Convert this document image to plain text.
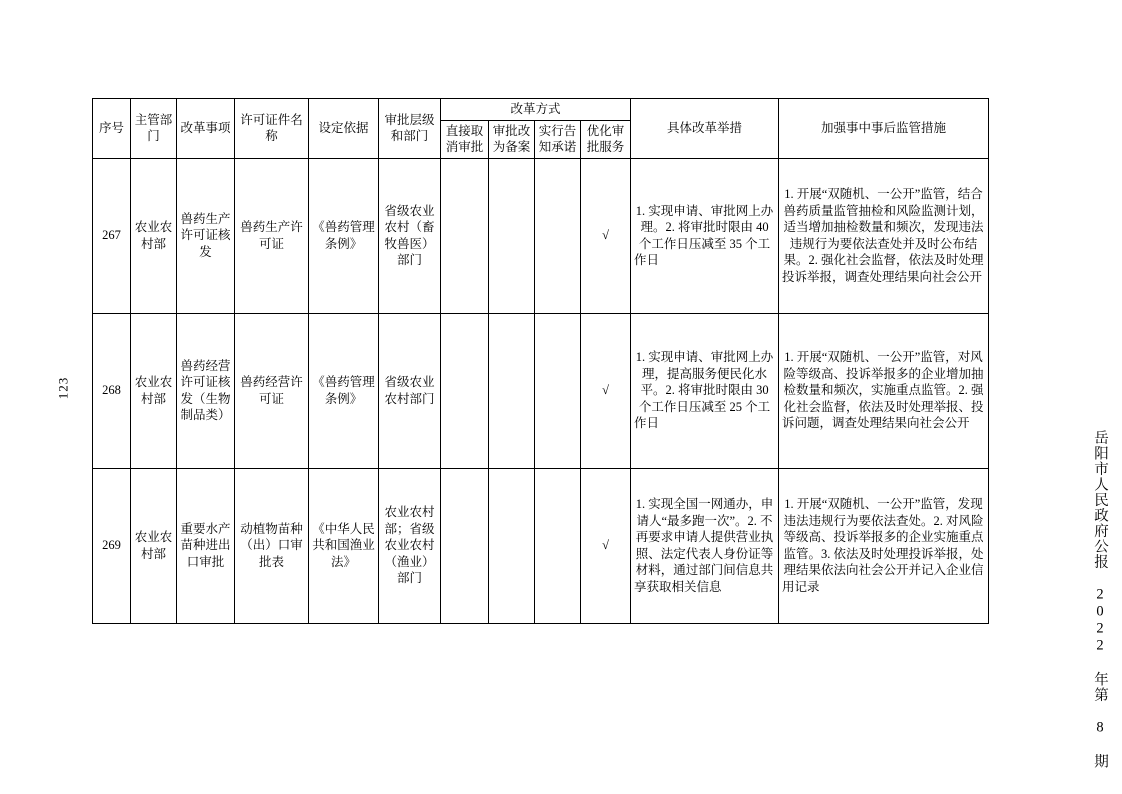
123
序号	主管部门	改革事项	许可证件名称	设定依据	审批层级和部门	改革方式				具体改革举措	加强事中事后监管措施
						直接取消审批	审批改为备案	实行告知承诺	优化审批服务		
267	农业农村部	兽药生产许可证核发	兽药生产许可证	《兽药管理条例》	省级农业农村（畜牧兽医）部门				√	1. 实现申请、审批网上办理。2. 将审批时限由 40 个工作日压减至 35 个工作日	1. 开展“双随机、一公开”监管，结合兽药质量监管抽检和风险监测计划，适当增加抽检数量和频次，发现违法违规行为要依法查处并及时公布结果。2. 强化社会监督，依法及时处理投诉举报，调查处理结果向社会公开
268	农业农村部	兽药经营许可证核发（生物制品类）	兽药经营许可证	《兽药管理条例》	省级农业农村部门				√	1. 实现申请、审批网上办理，提高服务便民化水平。2. 将审批时限由 30 个工作日压减至 25 个工作日	1. 开展“双随机、一公开”监管，对风险等级高、投诉举报多的企业增加抽检数量和频次，实施重点监管。2. 强化社会监督，依法及时处理举报、投诉问题，调查处理结果向社会公开
269	农业农村部	重要水产苗种进出口审批	动植物苗种（出）口审批表	《中华人民共和国渔业法》	农业农村部；省级农业农村（渔业）部门				√	1. 实现全国一网通办，申请人“最多跑一次”。2. 不再要求申请人提供营业执照、法定代表人身份证等材料，通过部门间信息共享获取相关信息	1. 开展“双随机、一公开”监管，发现违法违规行为要依法查处。2. 对风险等级高、投诉举报多的企业实施重点监管。3. 依法及时处理投诉举报，处理结果依法向社会公开并记入企业信用记录	岳阳市人民政府公报 2022 年第 8 期
